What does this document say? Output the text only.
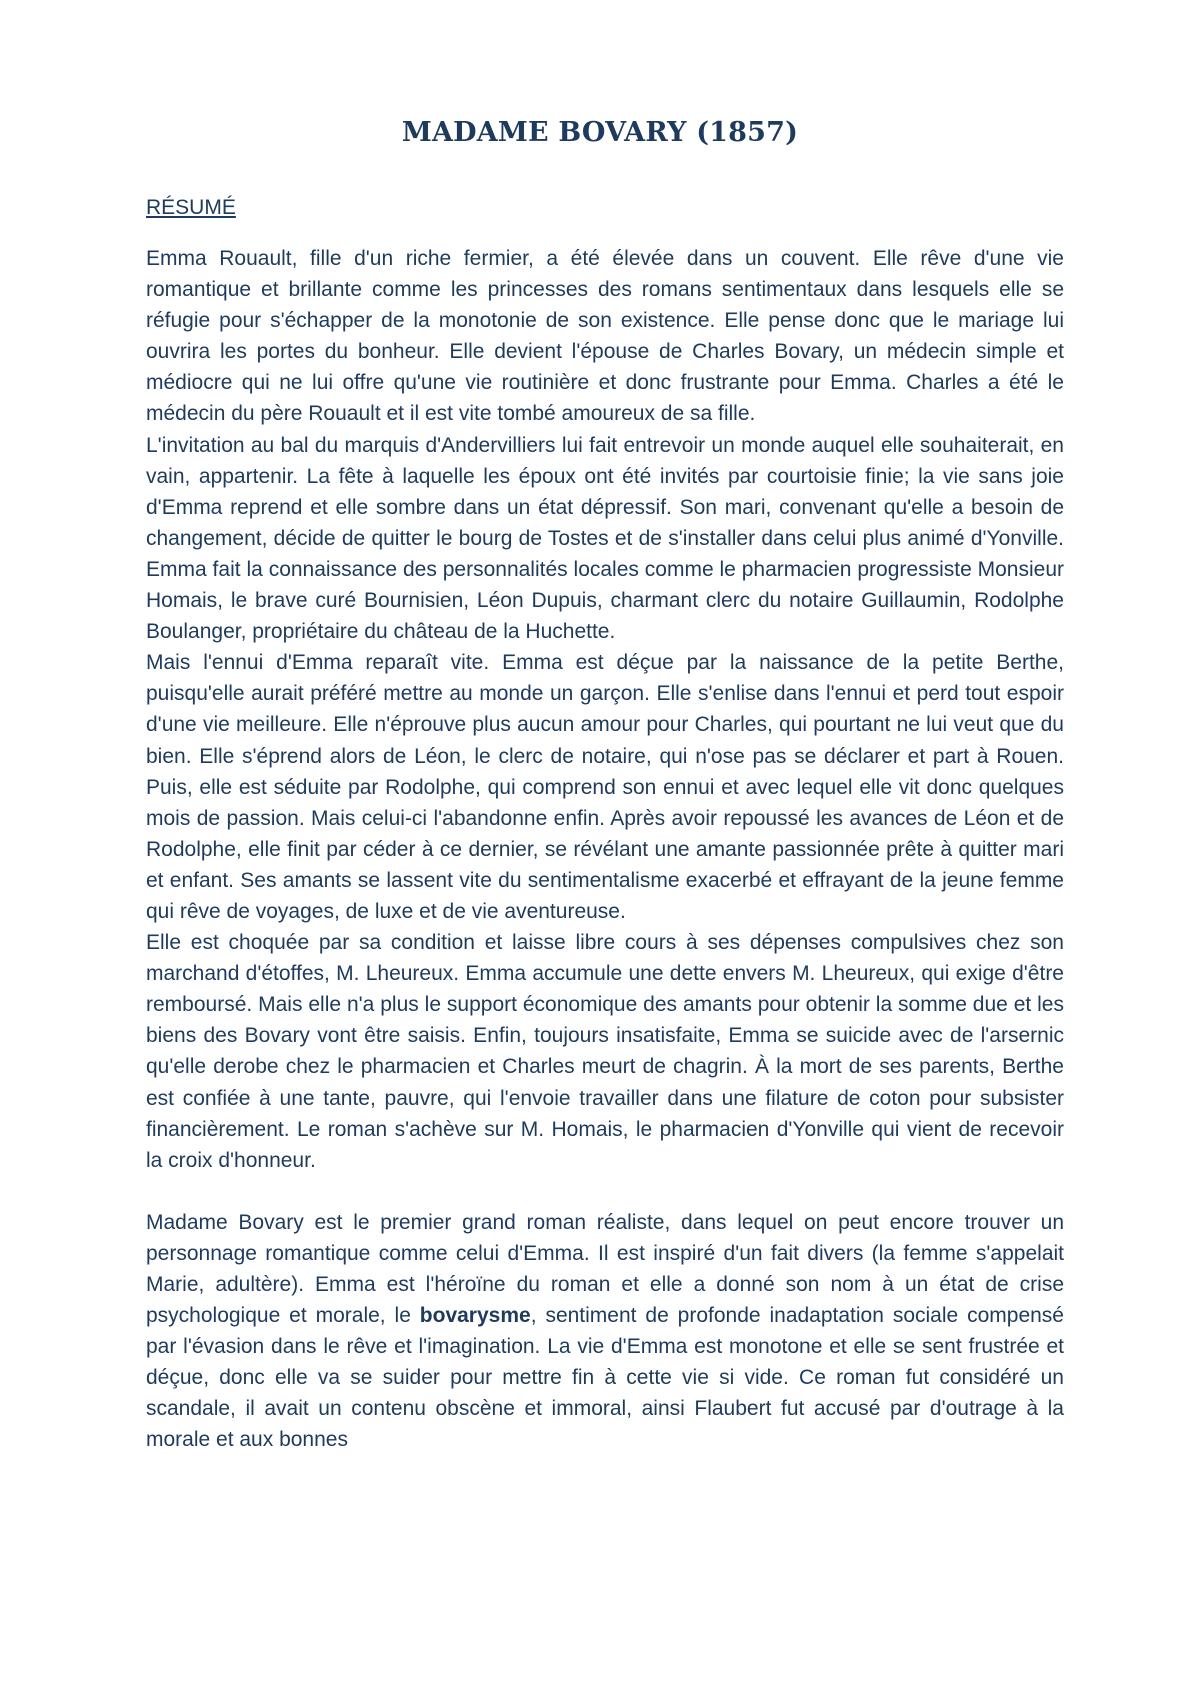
MADAME BOVARY (1857)
RÉSUMÉ

Emma Rouault, fille d'un riche fermier, a été élevée dans un couvent. Elle rêve d'une vie romantique et brillante comme les princesses des romans sentimentaux dans lesquels elle se réfugie pour s'échapper de la monotonie de son existence. Elle pense donc que le mariage lui ouvrira les portes du bonheur. Elle devient l'épouse de Charles Bovary, un médecin simple et médiocre qui ne lui offre qu'une vie routinière et donc frustrante pour Emma. Charles a été le médecin du père Rouault et il est vite tombé amoureux de sa fille.

L'invitation au bal du marquis d'Andervilliers lui fait entrevoir un monde auquel elle souhaiterait, en vain, appartenir. La fête à laquelle les époux ont été invités par courtoisie finie; la vie sans joie d'Emma reprend et elle sombre dans un état dépressif. Son mari, convenant qu'elle a besoin de changement, décide de quitter le bourg de Tostes et de s'installer dans celui plus animé d'Yonville. Emma fait la connaissance des personnalités locales comme le pharmacien progressiste Monsieur Homais, le brave curé Bournisien, Léon Dupuis, charmant clerc du notaire Guillaumin, Rodolphe Boulanger, propriétaire du château de la Huchette.

Mais l'ennui d'Emma reparaît vite. Emma est déçue par la naissance de la petite Berthe, puisqu'elle aurait préféré mettre au monde un garçon. Elle s'enlise dans l'ennui et perd tout espoir d'une vie meilleure. Elle n'éprouve plus aucun amour pour Charles, qui pourtant ne lui veut que du bien. Elle s'éprend alors de Léon, le clerc de notaire, qui n'ose pas se déclarer et part à Rouen. Puis, elle est séduite par Rodolphe, qui comprend son ennui et avec lequel elle vit donc quelques mois de passion. Mais celui-ci l'abandonne enfin. Après avoir repoussé les avances de Léon et de Rodolphe, elle finit par céder à ce dernier, se révélant une amante passionnée prête à quitter mari et enfant. Ses amants se lassent vite du sentimentalisme exacerbé et effrayant de la jeune femme qui rêve de voyages, de luxe et de vie aventureuse.

Elle est choquée par sa condition et laisse libre cours à ses dépenses compulsives chez son marchand d'étoffes, M. Lheureux. Emma accumule une dette envers M. Lheureux, qui exige d'être remboursé. Mais elle n'a plus le support économique des amants pour obtenir la somme due et les biens des Bovary vont être saisis. Enfin, toujours insatisfaite, Emma se suicide avec de l'arsernic qu'elle derobe chez le pharmacien et Charles meurt de chagrin. À la mort de ses parents, Berthe est confiée à une tante, pauvre, qui l'envoie travailler dans une filature de coton pour subsister financièrement. Le roman s'achève sur M. Homais, le pharmacien d'Yonville qui vient de recevoir la croix d'honneur.

Madame Bovary est le premier grand roman réaliste, dans lequel on peut encore trouver un personnage romantique comme celui d'Emma. Il est inspiré d'un fait divers (la femme s'appelait Marie, adultère). Emma est l'héroïne du roman et elle a donné son nom à un état de crise psychologique et morale, le bovarysme, sentiment de profonde inadaptation sociale compensé par l'évasion dans le rêve et l'imagination. La vie d'Emma est monotone et elle se sent frustrée et déçue, donc elle va se suider pour mettre fin à cette vie si vide. Ce roman fut considéré un scandale, il avait un contenu obscène et immoral, ainsi Flaubert fut accusé par d'outrage à la morale et aux bonnes
